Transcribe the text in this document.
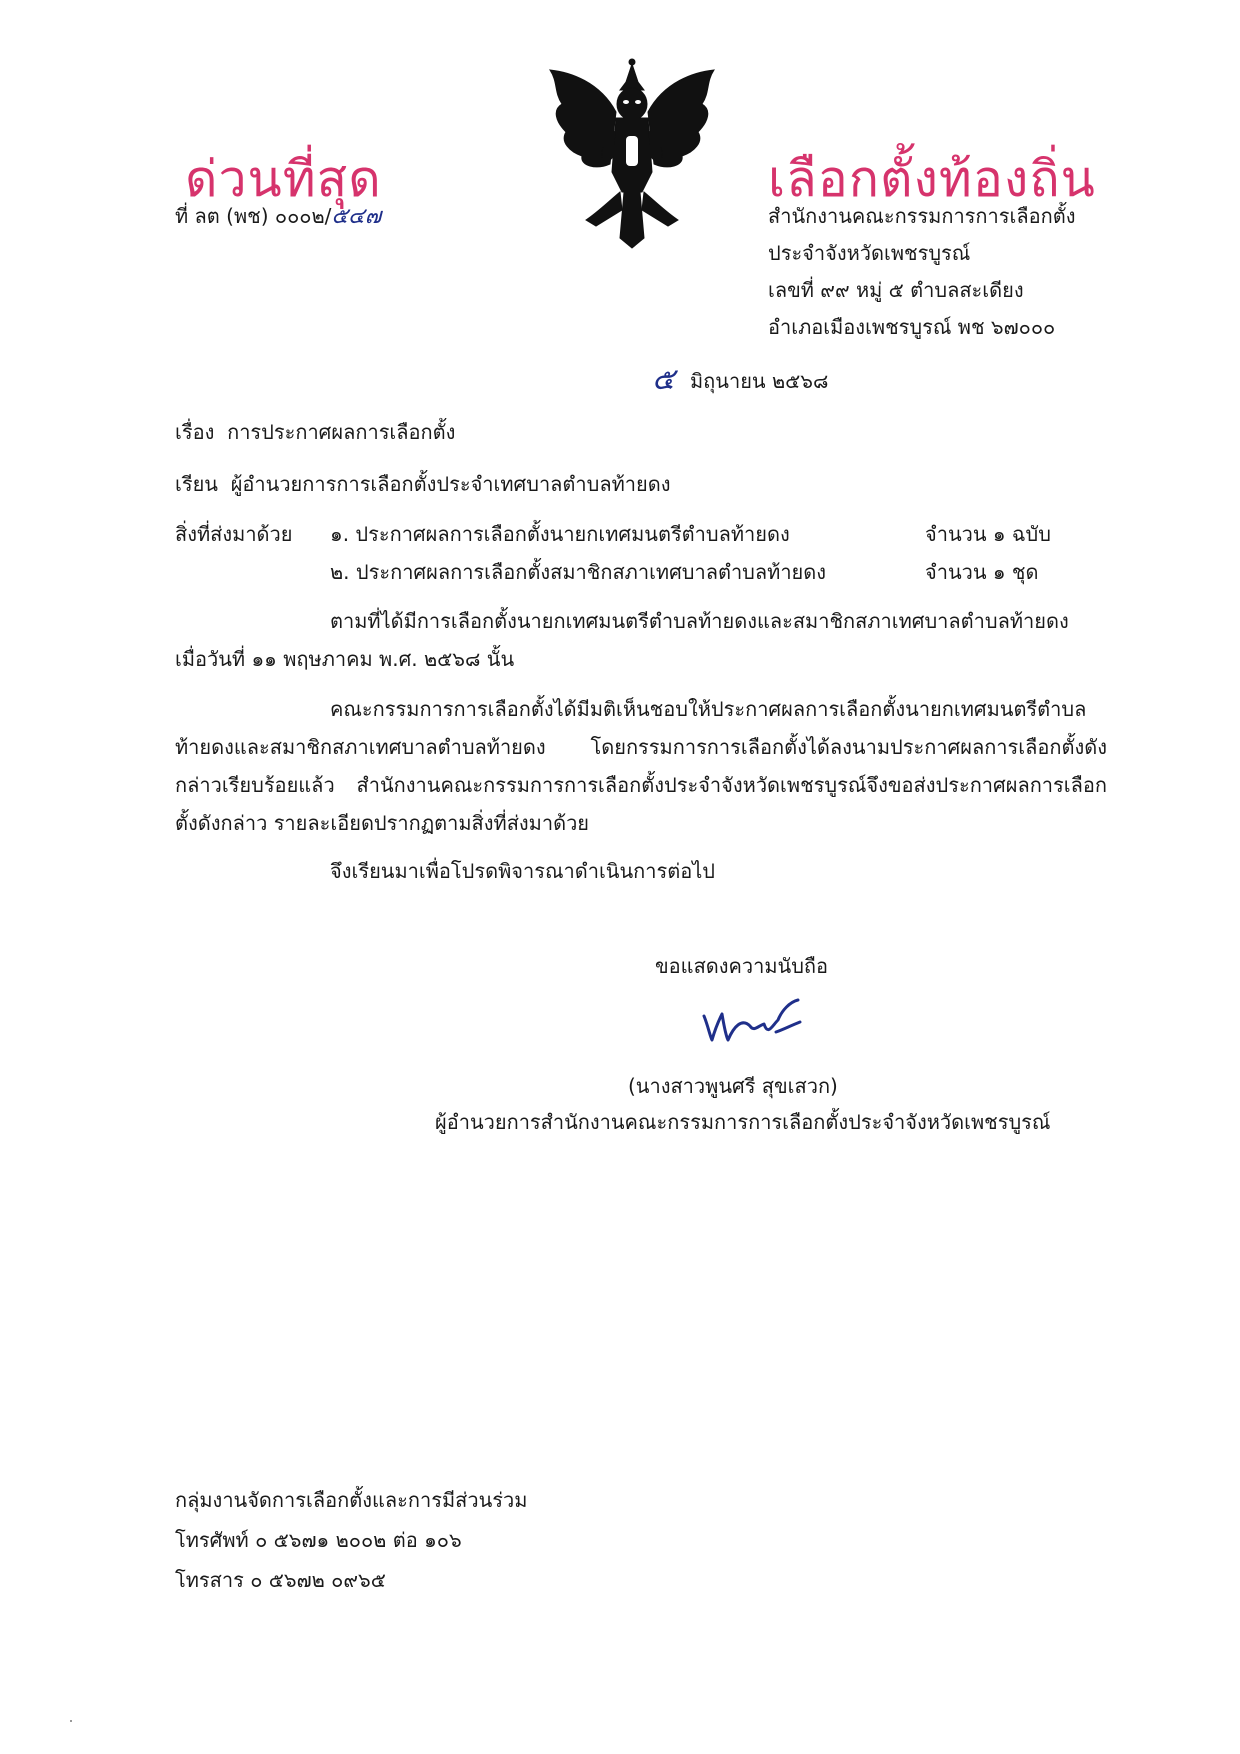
ด่วนที่สุด	เลือกตั้งท้องถิ่น
ที่ ลต (พช) ๐๐๐๒/๕๔๗	สำนักงานคณะกรรมการการเลือกตั้ง
ประจำจังหวัดเพชรบูรณ์
เลขที่ ๙๙ หมู่ ๕ ตำบลสะเดียง
อำเภอเมืองเพชรบูรณ์ พช ๖๗๐๐๐
๕ มิถุนายน ๒๕๖๘
เรื่อง การประกาศผลการเลือกตั้ง
เรียน ผู้อำนวยการการเลือกตั้งประจำเทศบาลตำบลท้ายดง
สิ่งที่ส่งมาด้วย ๑. ประกาศผลการเลือกตั้งนายกเทศมนตรีตำบลท้ายดง	จำนวน ๑ ฉบับ
๒. ประกาศผลการเลือกตั้งสมาชิกสภาเทศบาลตำบลท้ายดง	จำนวน ๑ ชุด

ตามที่ได้มีการเลือกตั้งนายกเทศมนตรีตำบลท้ายดงและสมาชิกสภาเทศบาลตำบลท้ายดง เมื่อวันที่ ๑๑ พฤษภาคม พ.ศ. ๒๕๖๘ นั้น

คณะกรรมการการเลือกตั้งได้มีมติเห็นชอบให้ประกาศผลการเลือกตั้งนายกเทศมนตรีตำบลท้ายดงและสมาชิกสภาเทศบาลตำบลท้ายดง โดยกรรมการการเลือกตั้งได้ลงนามประกาศผลการเลือกตั้งดังกล่าวเรียบร้อยแล้ว สำนักงานคณะกรรมการการเลือกตั้งประจำจังหวัดเพชรบูรณ์จึงขอส่งประกาศผลการเลือกตั้งดังกล่าว รายละเอียดปรากฏตามสิ่งที่ส่งมาด้วย

จึงเรียนมาเพื่อโปรดพิจารณาดำเนินการต่อไป

ขอแสดงความนับถือ
(นางสาวพูนศรี สุขเสวก)
ผู้อำนวยการสำนักงานคณะกรรมการการเลือกตั้งประจำจังหวัดเพชรบูรณ์
กลุ่มงานจัดการเลือกตั้งและการมีส่วนร่วม
โทรศัพท์ ๐ ๕๖๗๑ ๒๐๐๒ ต่อ ๑๐๖
โทรสาร ๐ ๕๖๗๒ ๐๙๖๕
